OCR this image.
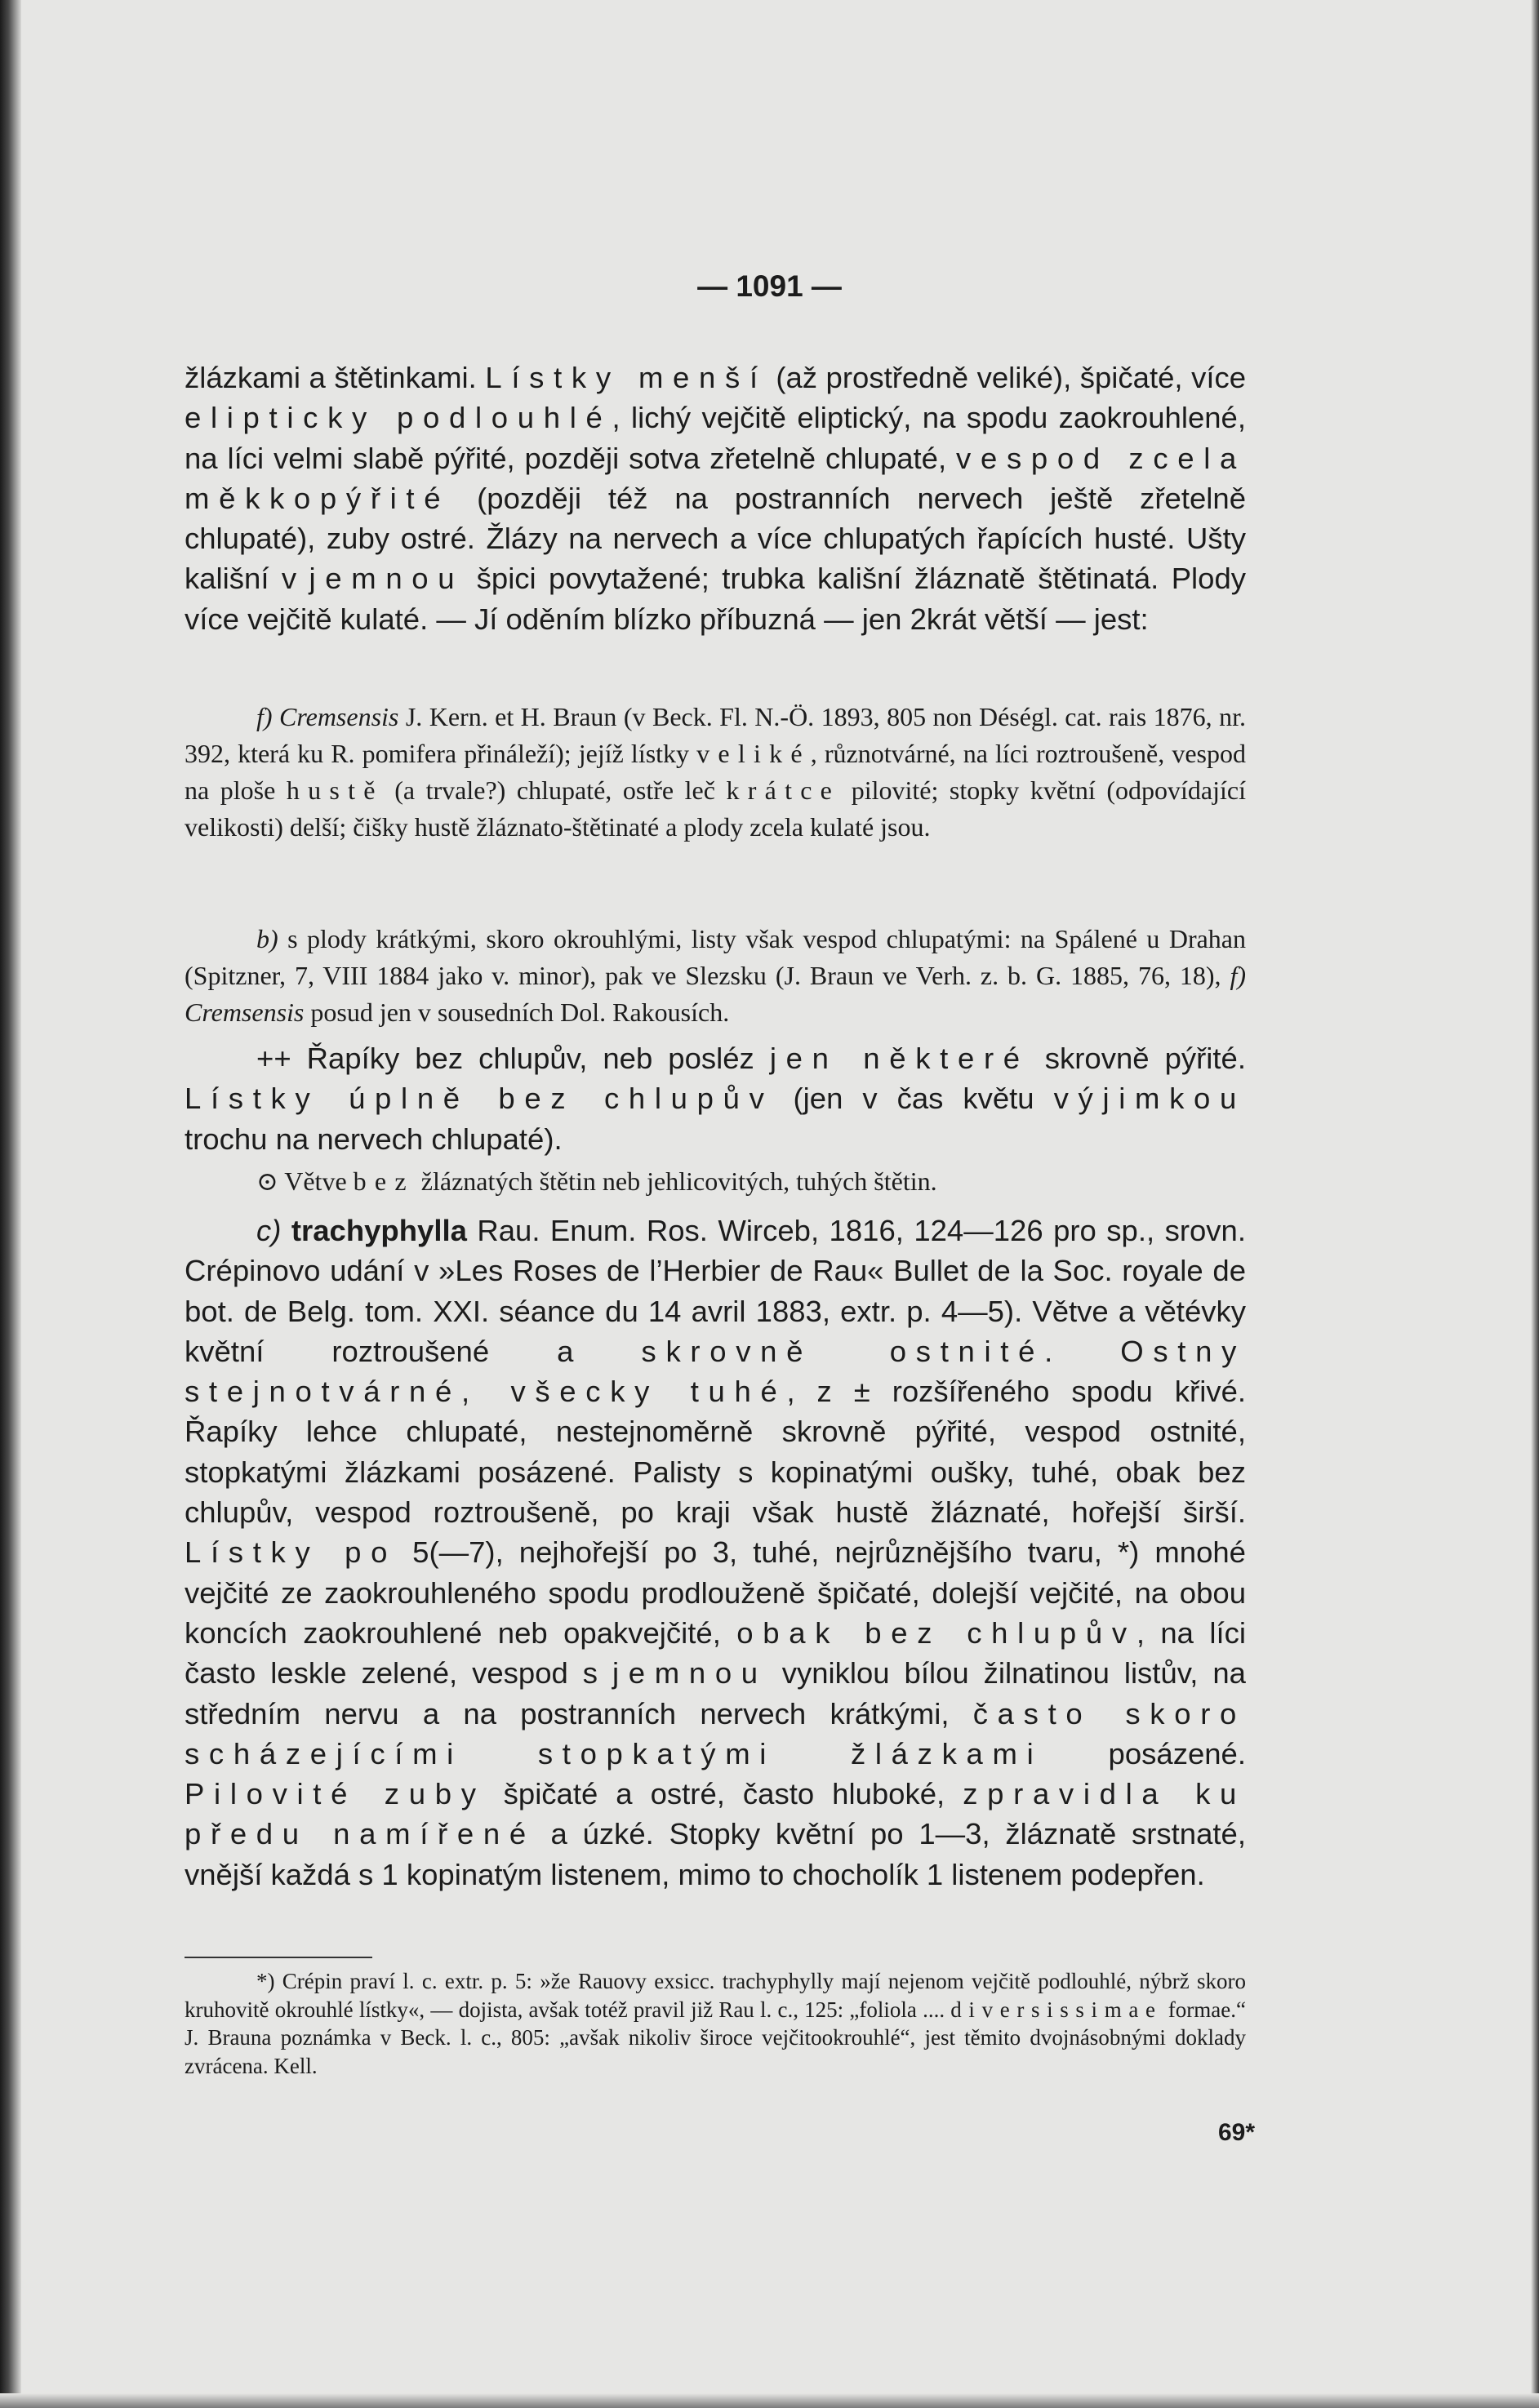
— 1091 —

žlázkami a štětinkami. Lístky menší (až prostředně veliké), špičaté, více elipticky podlouhlé, lichý vejčitě eliptický, na spodu zaokrouhlené, na líci velmi slabě pýřité, později sotva zřetelně chlupaté, vespod zcela měkkopýřité (později též na postranních nervech ještě zřetelně chlupaté), zuby ostré. Žlázy na nervech a více chlupatých řapících husté. Ušty kališní v jemnou špici povytažené; trubka kališní žláznatě štětinatá. Plody více vejčitě kulaté. — Jí oděním blízko příbuzná — jen 2krát větší — jest:

f) Cremsensis J. Kern. et H. Braun (v Beck. Fl. N.-Ö. 1893, 805 non Déségl. cat. rais 1876, nr. 392, která ku R. pomifera přináleží); jejíž lístky veliké, různotvárné, na líci roztroušeně, vespod na ploše hustě (a trvale?) chlupaté, ostře leč krátce pilovité; stopky květní (odpovídající velikosti) delší; čišky hustě žláznato-štětinaté a plody zcela kulaté jsou.

b) s plody krátkými, skoro okrouhlými, listy však vespod chlupatými: na Spálené u Drahan (Spitzner, 7, VIII 1884 jako v. minor), pak ve Slezsku (J. Braun ve Verh. z. b. G. 1885, 76, 18), f) Cremsensis posud jen v sousedních Dol. Rakousích.

++ Řapíky bez chlupův, neb posléz jen některé skrovně pýřité. Lístky úplně bez chlupův (jen v čas květu výjimkou trochu na nervech chlupaté).

⊙ Větve bez žláznatých štětin neb jehlicovitých, tuhých štětin.

c) trachyphylla Rau. Enum. Ros. Wirceb, 1816, 124—126 pro sp., srovn. Crépinovo udání v »Les Roses de l’Herbier de Rau« Bullet de la Soc. royale de bot. de Belg. tom. XXI. séance du 14 avril 1883, extr. p. 4—5). Větve a větévky květní roztroušené a skrovně ostnité. Ostny stejnotvárné, všecky tuhé, z ± rozšířeného spodu křivé. Řapíky lehce chlupaté, nestejnoměrně skrovně pýřité, vespod ostnité, stopkatými žlázkami posázené. Palisty s kopinatými oušky, tuhé, obak bez chlupův, vespod roztroušeně, po kraji však hustě žláznaté, hořejší širší. Lístky po 5(—7), nejhořejší po 3, tuhé, nejrůznějšího tvaru, *) mnohé vejčité ze zaokrouhleného spodu prodlouženě špičaté, dolejší vejčité, na obou koncích zaokrouhlené neb opakvejčité, obak bez chlupův, na líci často leskle zelené, vespod s jemnou vyniklou bílou žilnatinou listův, na středním nervu a na postranních nervech krátkými, často skoro scházejícími stopkatými žlázkami posázené. Pilovité zuby špičaté a ostré, často hluboké, zpravidla ku předu namířené a úzké. Stopky květní po 1—3, žláznatě srstnaté, vnější každá s 1 kopinatým listenem, mimo to chocholík 1 listenem podepřen.

*) Crépin praví l. c. extr. p. 5: »že Rauovy exsicc. trachyphylly mají nejenom vejčitě podlouhlé, nýbrž skoro kruhovitě okrouhlé lístky«, — dojista, avšak totéž pravil již Rau l. c., 125: „foliola .... diversissimae formae.“ J. Brauna poznámka v Beck. l. c., 805: „avšak nikoliv široce vejčitookrouhlé“, jest těmito dvojnásobnými doklady zvrácena. Kell.

69*
